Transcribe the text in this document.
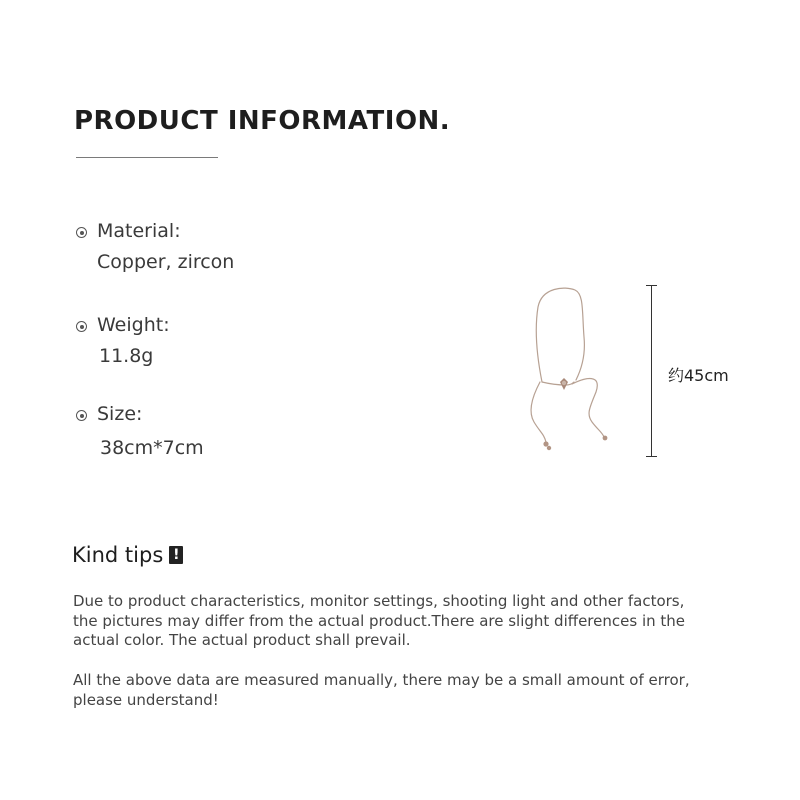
PRODUCT INFORMATION.
Material:
Copper, zircon
Weight:
11.8g
Size:
38cm*7cm
约45cm
Kind tips !
Due to product characteristics, monitor settings, shooting light and other factors, the pictures may differ from the actual product.There are slight differences in the actual color. The actual product shall prevail.
All the above data are measured manually, there may be a small amount of error, please understand!
